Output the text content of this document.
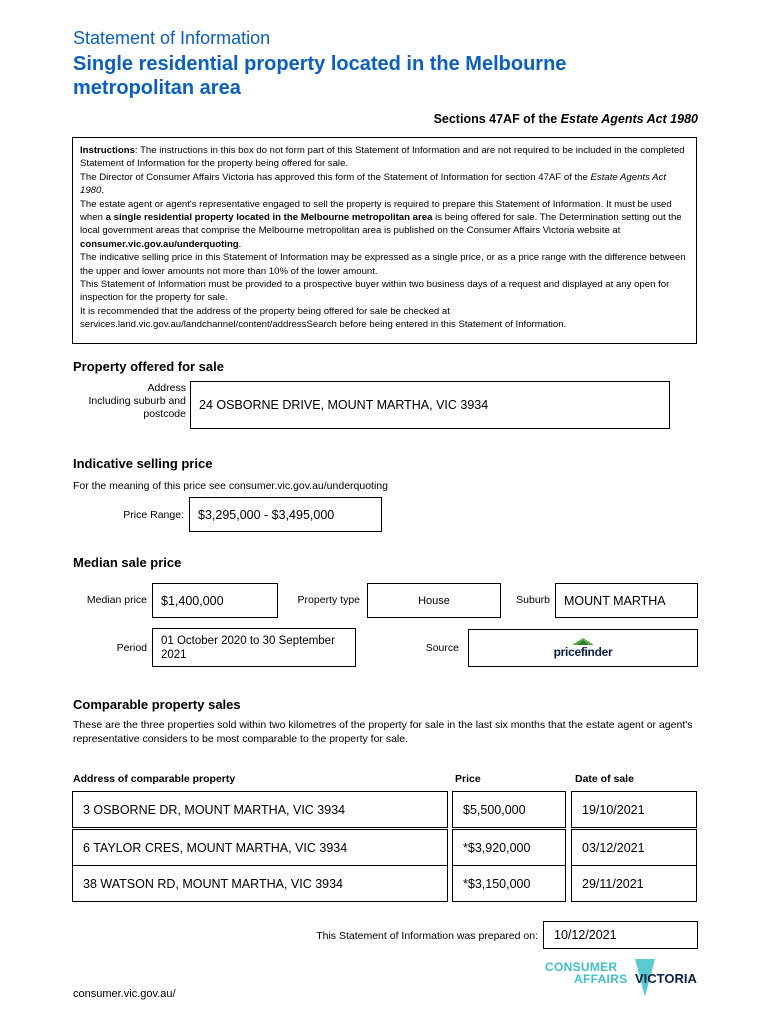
Statement of Information
Single residential property located in the Melbourne metropolitan area
Sections 47AF of the Estate Agents Act 1980

Instructions: The instructions in this box do not form part of this Statement of Information and are not required to be included in the completed Statement of Information for the property being offered for sale.

The Director of Consumer Affairs Victoria has approved this form of the Statement of Information for section 47AF of the Estate Agents Act 1980.

The estate agent or agent's representative engaged to sell the property is required to prepare this Statement of Information. It must be used when a single residential property located in the Melbourne metropolitan area is being offered for sale. The Determination setting out the local government areas that comprise the Melbourne metropolitan area is published on the Consumer Affairs Victoria website at consumer.vic.gov.au/underquoting.

The indicative selling price in this Statement of Information may be expressed as a single price, or as a price range with the difference between the upper and lower amounts not more than 10% of the lower amount.

This Statement of Information must be provided to a prospective buyer within two business days of a request and displayed at any open for inspection for the property for sale.

It is recommended that the address of the property being offered for sale be checked at services.land.vic.gov.au/landchannel/content/addressSearch before being entered in this Statement of Information.

Property offered for sale
Address
Including suburb and
postcode
24 OSBORNE DRIVE, MOUNT MARTHA, VIC 3934
Indicative selling price
For the meaning of this price see consumer.vic.gov.au/underquoting
Price Range: $3,295,000 - $3,495,000
Median sale price
Median price $1,400,000	Property type	House	Suburb MOUNT MARTHA
Period
01 October 2020 to 30 September 2021
Source	pricefinder
Comparable property sales
These are the three properties sold within two kilometres of the property for sale in the last six months that the estate agent or agent's representative considers to be most comparable to the property for sale.
Address of comparable property	Price	Date of sale
3 OSBORNE DR, MOUNT MARTHA, VIC 3934	$5,500,000	19/10/2021
6 TAYLOR CRES, MOUNT MARTHA, VIC 3934	*$3,920,000	03/12/2021
38 WATSON RD, MOUNT MARTHA, VIC 3934	*$3,150,000	29/11/2021
This Statement of Information was prepared on: 10/12/2021
consumer.vic.gov.au/
CONSUMER
AFFAIRS VICTORIA
